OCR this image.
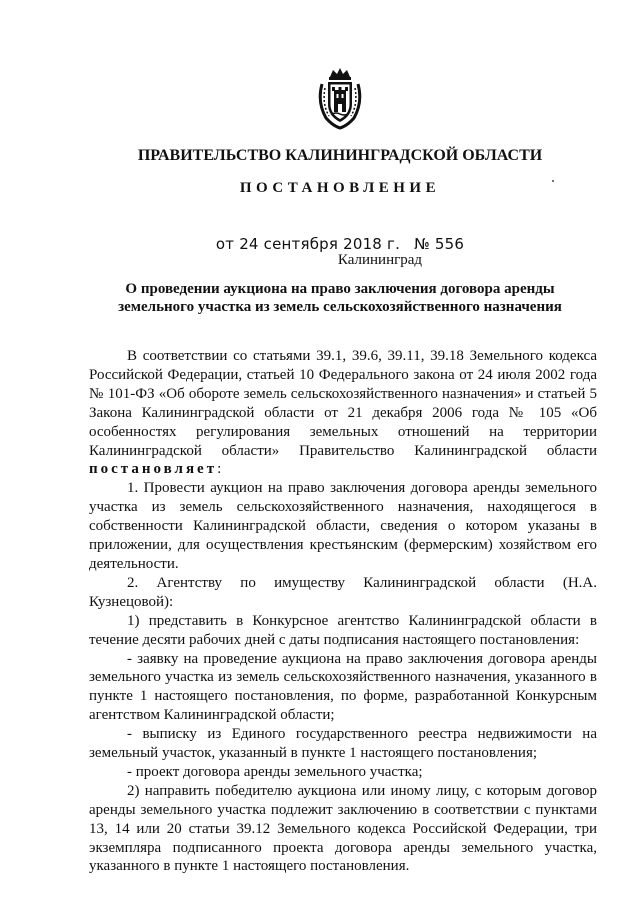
ПРАВИТЕЛЬСТВО КАЛИНИНГРАДСКОЙ ОБЛАСТИ
ПОСТАНОВЛЕНИЕ
от 24 сентября 2018 г. № 556
Калининград
О проведении аукциона на право заключения договора аренды
земельного участка из земель сельскохозяйственного назначения

В соответствии со статьями 39.1, 39.6, 39.11, 39.18 Земельного кодекса Российской Федерации, статьей 10 Федерального закона от 24 июля 2002 года № 101-ФЗ «Об обороте земель сельскохозяйственного назначения» и статьей 5 Закона Калининградской области от 21 декабря 2006 года № 105 «Об особенностях регулирования земельных отношений на территории Калининградской области» Правительство Калининградской области постановляет:

1. Провести аукцион на право заключения договора аренды земельного участка из земель сельскохозяйственного назначения, находящегося в собственности Калининградской области, сведения о котором указаны в приложении, для осуществления крестьянским (фермерским) хозяйством его деятельности.

2. Агентству по имуществу Калининградской области (Н.А. Кузнецовой):

1) представить в Конкурсное агентство Калининградской области в течение десяти рабочих дней с даты подписания настоящего постановления:

- заявку на проведение аукциона на право заключения договора аренды земельного участка из земель сельскохозяйственного назначения, указанного в пункте 1 настоящего постановления, по форме, разработанной Конкурсным агентством Калининградской области;

- выписку из Единого государственного реестра недвижимости на земельный участок, указанный в пункте 1 настоящего постановления;

- проект договора аренды земельного участка;

2) направить победителю аукциона или иному лицу, с которым договор аренды земельного участка подлежит заключению в соответствии с пунктами 13, 14 или 20 статьи 39.12 Земельного кодекса Российской Федерации, три экземпляра подписанного проекта договора аренды земельного участка, указанного в пункте 1 настоящего постановления.
